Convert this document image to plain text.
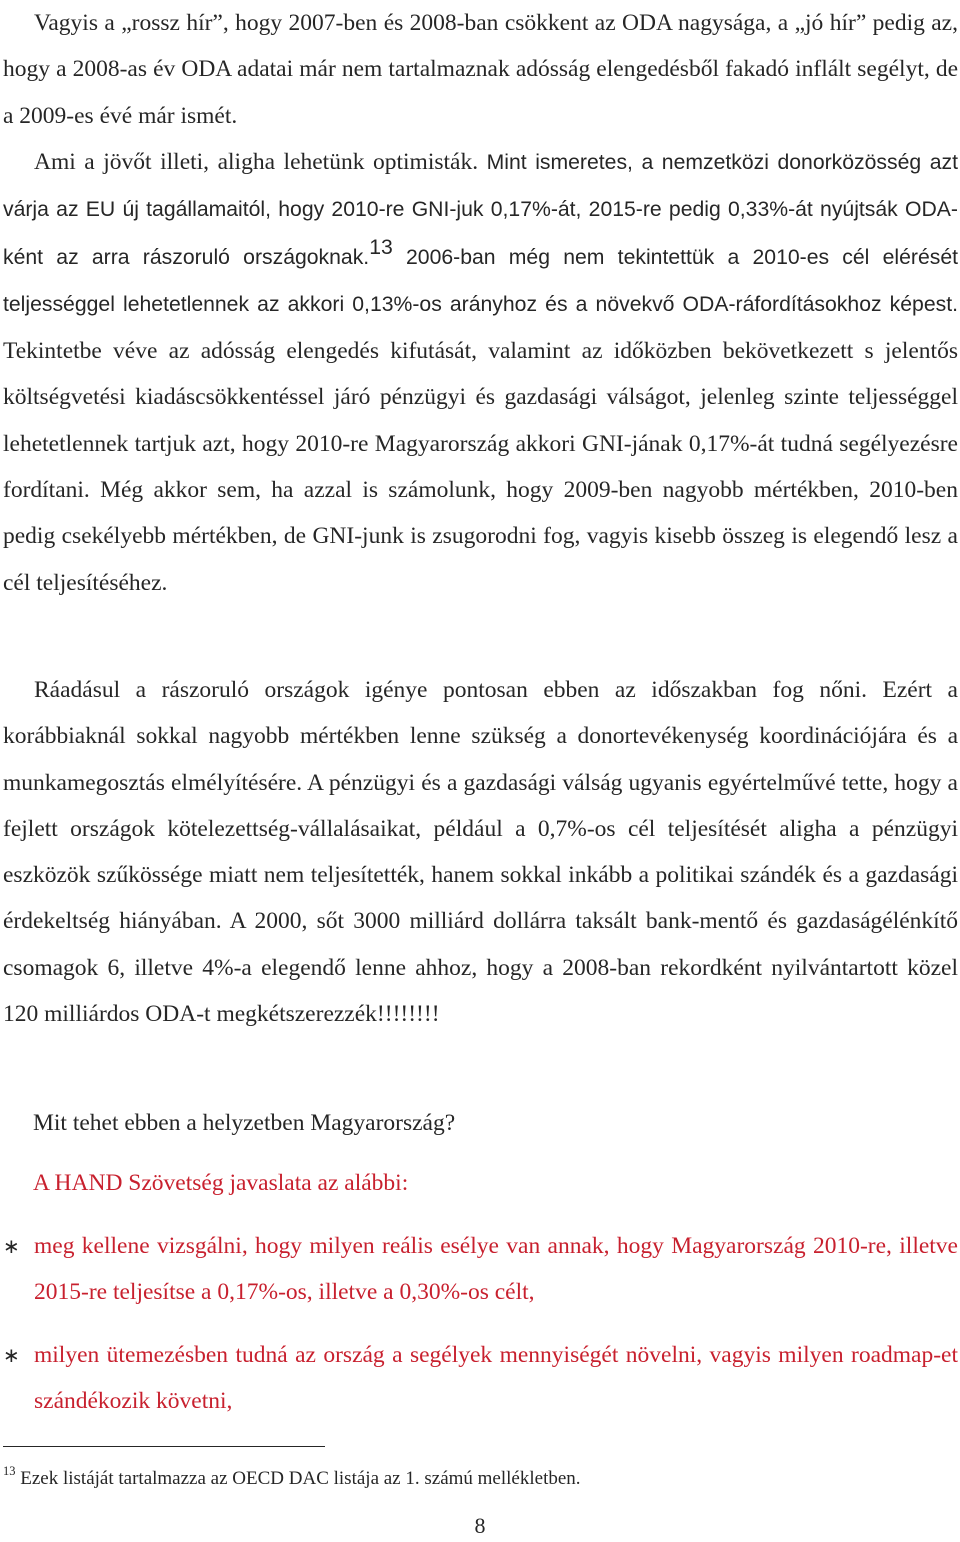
Vagyis a „rossz hír”, hogy 2007-ben és 2008-ban csökkent az ODA nagysága, a „jó hír” pedig az, hogy a 2008-as év ODA adatai már nem tartalmaznak adósság elengedésből fakadó inflált segélyt, de a 2009-es évé már ismét.

Ami a jövőt illeti, aligha lehetünk optimisták. Mint ismeretes, a nemzetközi donorközösség azt várja az EU új tagállamaitól, hogy 2010-re GNI-juk 0,17%-át, 2015-re pedig 0,33%-át nyújtsák ODA-ként az arra rászoruló országoknak.$^{13}$ 2006-ban még nem tekintettük a 2010-es cél elérését teljességgel lehetetlennek az akkori 0,13%-os arányhoz és a növekvő ODA-ráfordításokhoz képest. Tekintetbe véve az adósság elengedés kifutását, valamint az időközben bekövetkezett s jelentős költségvetési kiadáscsökkentéssel járó pénzügyi és gazdasági válságot, jelenleg szinte teljességgel lehetetlennek tartjuk azt, hogy 2010-re Magyarország akkori GNI-jának 0,17%-át tudná segélyezésre fordítani. Még akkor sem, ha azzal is számolunk, hogy 2009-ben nagyobb mértékben, 2010-ben pedig csekélyebb mértékben, de GNI-junk is zsugorodni fog, vagyis kisebb összeg is elegendő lesz a cél teljesítéséhez.

Ráadásul a rászoruló országok igénye pontosan ebben az időszakban fog nőni. Ezért a korábbiaknál sokkal nagyobb mértékben lenne szükség a donortevékenység koordinációjára és a munkamegosztás elmélyítésére. A pénzügyi és a gazdasági válság ugyanis egyértelművé tette, hogy a fejlett országok kötelezettség-vállalásaikat, például a 0,7%-os cél teljesítését aligha a pénzügyi eszközök szűkössége miatt nem teljesítették, hanem sokkal inkább a politikai szándék és a gazdasági érdekeltség hiányában. A 2000, sőt 3000 milliárd dollárra taksált bank-mentő és gazdaságélénkítő csomagok 6, illetve 4%-a elegendő lenne ahhoz, hogy a 2008-ban rekordként nyilvántartott közel 120 milliárdos ODA-t megkétszerezzék!!!!!!!!

Mit tehet ebben a helyzetben Magyarország?

A HAND Szövetség javaslata az alábbi:

∗ meg kellene vizsgálni, hogy milyen reális esélye van annak, hogy Magyarország 2010-re, illetve 2015-re teljesítse a 0,17%-os, illetve a 0,30%-os célt,

∗ milyen ütemezésben tudná az ország a segélyek mennyiségét növelni, vagyis milyen roadmap-et szándékozik követni,

$^{13}$ Ezek listáját tartalmazza az OECD DAC listája az 1. számú mellékletben.

8
